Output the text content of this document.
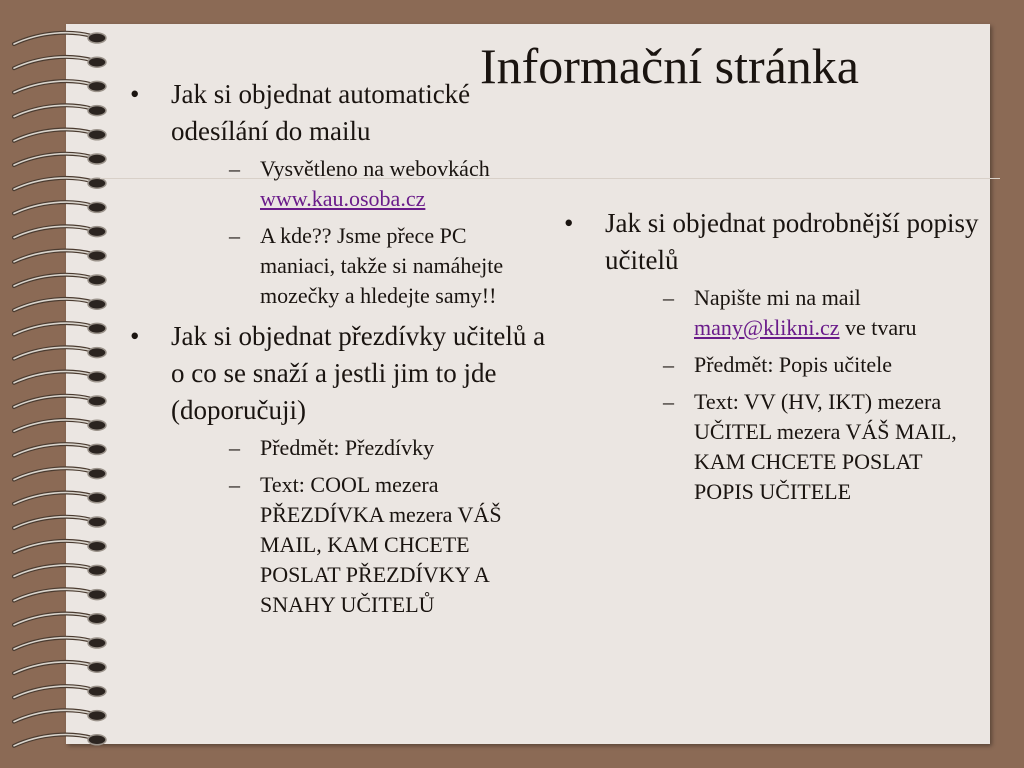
Informační stránka
• Jak si objednat automatické odesílání do mailu
– Vysvětleno na webovkách www.kau.osoba.cz
– A kde?? Jsme přece PC maniaci, takže si namáhejte mozečky a hledejte samy!!
• Jak si objednat přezdívky učitelů a o co se snaží a jestli jim to jde (doporučuji)
– Předmět: Přezdívky
– Text: COOL mezera PŘEZDÍVKA mezera VÁŠ MAIL, KAM CHCETE POSLAT PŘEZDÍVKY A SNAHY UČITELŮ
• Jak si objednat podrobnější popisy učitelů
– Napište mi na mail many@klikni.cz ve tvaru
– Předmět: Popis učitele
– Text: VV (HV, IKT) mezera UČITEL mezera VÁŠ MAIL, KAM CHCETE POSLAT POPIS UČITELE
